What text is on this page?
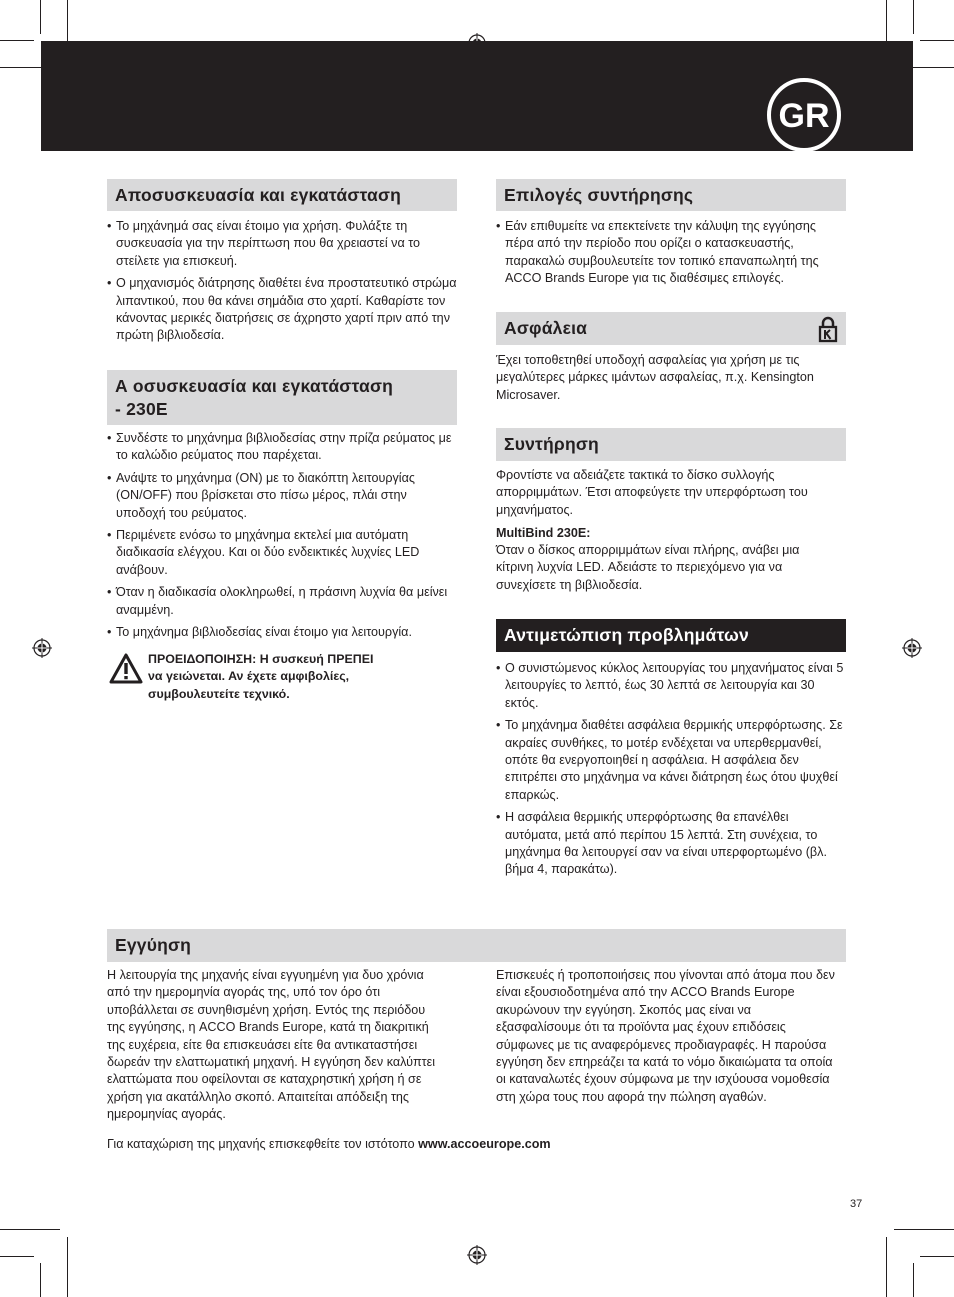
GR
Αποσυσκευασία και εγκατάσταση
• Το μηχάνημά σας είναι έτοιμο για χρήση. Φυλάξτε τη συσκευασία για την περίπτωση που θα χρειαστεί να το στείλετε για επισκευή.
• Ο μηχανισμός διάτρησης διαθέτει ένα προστατευτικό στρώμα λιπαντικού, που θα κάνει σημάδια στο χαρτί. Καθαρίστε τον κάνοντας μερικές διατρήσεις σε άχρηστο χαρτί πριν από την πρώτη βιβλιοδεσία.
Α οσυσκευασία και εγκατάσταση
- 230E
• Συνδέστε το μηχάνημα βιβλιοδεσίας στην πρίζα ρεύματος με το καλώδιο ρεύματος που παρέχεται.
• Ανάψτε το μηχάνημα (ON) με το διακόπτη λειτουργίας (ON/OFF) που βρίσκεται στο πίσω μέρος, πλάι στην υποδοχή του ρεύματος.
• Περιμένετε ενόσω το μηχάνημα εκτελεί μια αυτόματη διαδικασία ελέγχου. Και οι δύο ενδεικτικές λυχνίες LED ανάβουν.
• Όταν η διαδικασία ολοκληρωθεί, η πράσινη λυχνία θα μείνει αναμμένη.
• Το μηχάνημα βιβλιοδεσίας είναι έτοιμο για λειτουργία.
ΠΡΟΕΙΔΟΠΟΙΗΣΗ: Η συσκευή ΠΡΕΠΕΙ
να γειώνεται. Αν έχετε αμφιβολίες,
συμβουλευτείτε τεχνικό.
Επιλογές συντήρησης
• Εάν επιθυμείτε να επεκτείνετε την κάλυψη της εγγύησης πέρα από την περίοδο που ορίζει ο κατασκευαστής, παρακαλώ συμβουλευτείτε τον τοπικό επαναπωλητή της ACCO Brands Europe για τις διαθέσιμες επιλογές.
Ασφάλεια

Έχει τοποθετηθεί υποδοχή ασφαλείας για χρήση με τις μεγαλύτερες μάρκες ιμάντων ασφαλείας, π.χ. Kensington Microsaver.

Συντήρηση

Φροντίστε να αδειάζετε τακτικά το δίσκο συλλογής απορριμμάτων. Έτσι αποφεύγετε την υπερφόρτωση του μηχανήματος.

MultiBind 230E:

Όταν ο δίσκος απορριμμάτων είναι πλήρης, ανάβει μια κίτρινη λυχνία LED. Αδειάστε το περιεχόμενο για να συνεχίσετε τη βιβλιοδεσία.

Αντιμετώπιση προβλημάτων
• Ο συνιστώμενος κύκλος λειτουργίας του μηχανήματος είναι 5 λειτουργίες το λεπτό, έως 30 λεπτά σε λειτουργία και 30 εκτός.
• Το μηχάνημα διαθέτει ασφάλεια θερμικής υπερφόρτωσης. Σε ακραίες συνθήκες, το μοτέρ ενδέχεται να υπερθερμανθεί, οπότε θα ενεργοποιηθεί η ασφάλεια. Η ασφάλεια δεν επιτρέπει στο μηχάνημα να κάνει διάτρηση έως ότου ψυχθεί επαρκώς.
• Η ασφάλεια θερμικής υπερφόρτωσης θα επανέλθει αυτόματα, μετά από περίπου 15 λεπτά. Στη συνέχεια, το μηχάνημα θα λειτουργεί σαν να είναι υπερφορτωμένο (βλ. βήμα 4, παρακάτω).
Εγγύηση

Η λειτουργία της μηχανής είναι εγγυημένη για δυο χρόνια από την ημερομηνία αγοράς της, υπό τον όρο ότι υποβάλλεται σε συνηθισμένη χρήση. Εντός της περιόδου της εγγύησης, η ACCO Brands Europe, κατά τη διακριτική της ευχέρεια, είτε θα επισκευάσει είτε θα αντικαταστήσει δωρεάν την ελαττωματική μηχανή. Η εγγύηση δεν καλύπτει ελαττώματα που οφείλονται σε καταχρηστική χρήση ή σε χρήση για ακατάλληλο σκοπό. Απαιτείται απόδειξη της ημερομηνίας αγοράς.

Επισκευές ή τροποποιήσεις που γίνονται από άτομα που δεν είναι εξουσιοδοτημένα από την ACCO Brands Europe ακυρώνουν την εγγύηση. Σκοπός μας είναι να εξασφαλίσουμε ότι τα προϊόντα μας έχουν επιδόσεις σύμφωνες με τις αναφερόμενες προδιαγραφές. Η παρούσα εγγύηση δεν επηρεάζει τα κατά το νόμο δικαιώματα τα οποία οι καταναλωτές έχουν σύμφωνα με την ισχύουσα νομοθεσία στη χώρα τους που αφορά την πώληση αγαθών.

Για καταχώριση της μηχανής επισκεφθείτε τον ιστότοπο www.accoeurope.com

37
